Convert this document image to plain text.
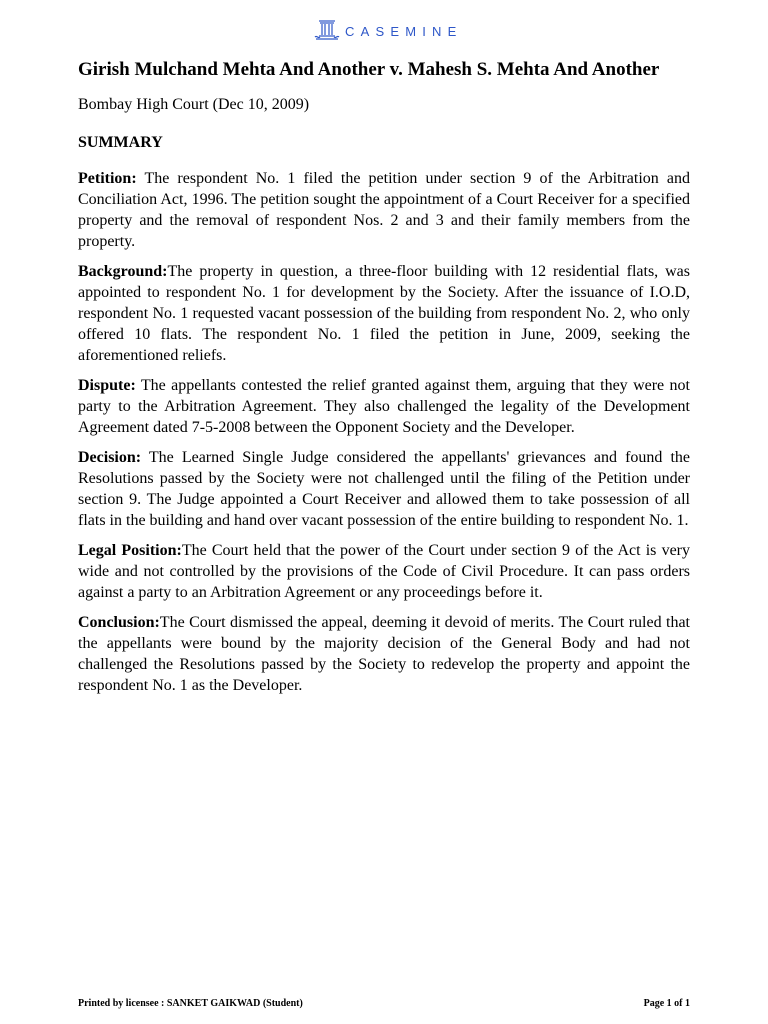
CASEMINE
Girish Mulchand Mehta And Another v. Mahesh S. Mehta And Another

Bombay High Court (Dec 10, 2009)

SUMMARY

Petition: The respondent No. 1 filed the petition under section 9 of the Arbitration and Conciliation Act, 1996. The petition sought the appointment of a Court Receiver for a specified property and the removal of respondent Nos. 2 and 3 and their family members from the property.

Background:The property in question, a three-floor building with 12 residential flats, was appointed to respondent No. 1 for development by the Society. After the issuance of I.O.D, respondent No. 1 requested vacant possession of the building from respondent No. 2, who only offered 10 flats. The respondent No. 1 filed the petition in June, 2009, seeking the aforementioned reliefs.

Dispute: The appellants contested the relief granted against them, arguing that they were not party to the Arbitration Agreement. They also challenged the legality of the Development Agreement dated 7-5-2008 between the Opponent Society and the Developer.

Decision: The Learned Single Judge considered the appellants' grievances and found the Resolutions passed by the Society were not challenged until the filing of the Petition under section 9. The Judge appointed a Court Receiver and allowed them to take possession of all flats in the building and hand over vacant possession of the entire building to respondent No. 1.

Legal Position:The Court held that the power of the Court under section 9 of the Act is very wide and not controlled by the provisions of the Code of Civil Procedure. It can pass orders against a party to an Arbitration Agreement or any proceedings before it.

Conclusion:The Court dismissed the appeal, deeming it devoid of merits. The Court ruled that the appellants were bound by the majority decision of the General Body and had not challenged the Resolutions passed by the Society to redevelop the property and appoint the respondent No. 1 as the Developer.

Printed by licensee : SANKET GAIKWAD (Student)	Page 1 of 1
